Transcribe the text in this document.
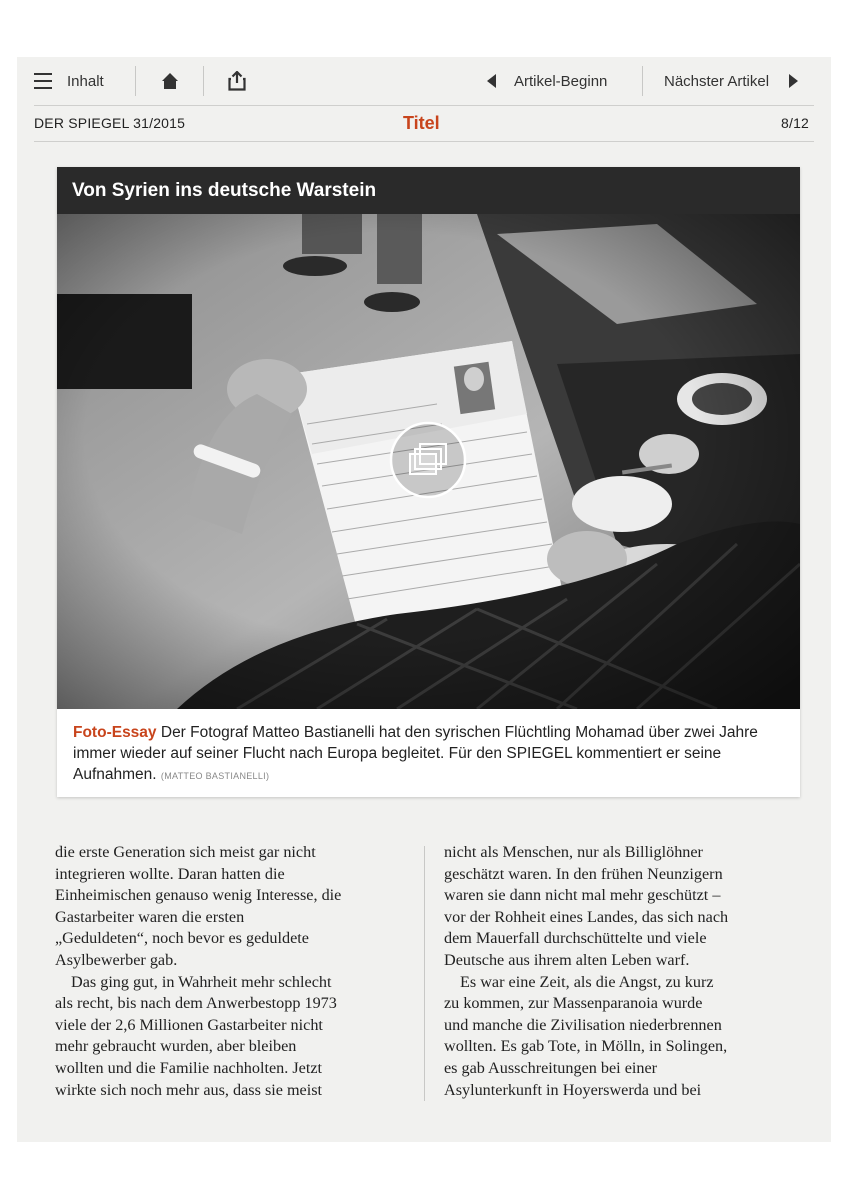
Inhalt	Artikel-Beginn	Nächster Artikel
DER SPIEGEL 31/2015	Titel	8/12
Von Syrien ins deutsche Warstein
Foto-Essay Der Fotograf Matteo Bastianelli hat den syrischen Flüchtling Mohamad über zwei Jahre immer wieder auf seiner Flucht nach Europa begleitet. Für den SPIEGEL kommentiert er seine Aufnahmen. (MATTEO BASTIANELLI)

die erste Generation sich meist gar nicht
integrieren wollte. Daran hatten die
Einheimischen genauso wenig Interesse, die
Gastarbeiter waren die ersten
„Geduldeten“, noch bevor es geduldete
Asylbewerber gab.

Das ging gut, in Wahrheit mehr schlecht
als recht, bis nach dem Anwerbestopp 1973
viele der 2,6 Millionen Gastarbeiter nicht
mehr gebraucht wurden, aber bleiben
wollten und die Familie nachholten. Jetzt
wirkte sich noch mehr aus, dass sie meist

nicht als Menschen, nur als Billiglöhner
geschätzt waren. In den frühen Neunzigern
waren sie dann nicht mal mehr geschützt –
vor der Rohheit eines Landes, das sich nach
dem Mauerfall durchschüttelte und viele
Deutsche aus ihrem alten Leben warf.

Es war eine Zeit, als die Angst, zu kurz
zu kommen, zur Massenparanoia wurde
und manche die Zivilisation niederbrennen
wollten. Es gab Tote, in Mölln, in Solingen,
es gab Ausschreitungen bei einer
Asylunterkunft in Hoyerswerda und bei
